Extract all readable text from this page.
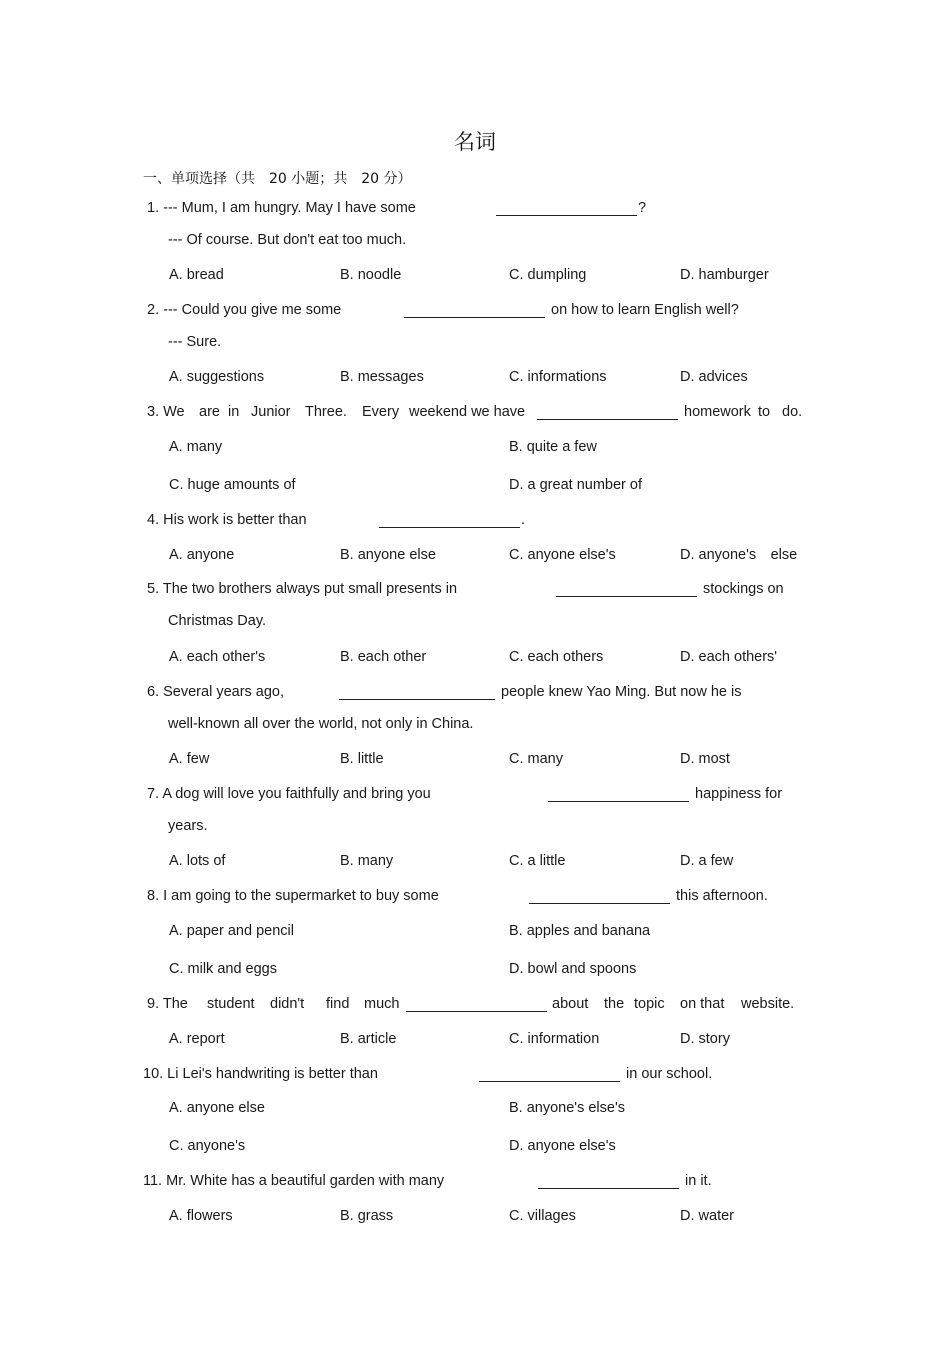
名词
一、单项选择（共　20 小题；共　20 分）
1. --- Mum, I am hungry. May I have some	?
--- Of course. But don't eat too much.
A. bread	B. noodle	C. dumpling	D. hamburger
2. --- Could you give me some	on how to learn English well?
--- Sure.
A. suggestions	B. messages	C. informations	D. advices
3. We are in Junior Three. Every weekend we have	homework to do.
A. many	B. quite a few
C. huge amounts of	D. a great number of
4. His work is better than	.
A. anyone	B. anyone else	C. anyone else's	D. anyone's　else
5. The two brothers always put small presents in	stockings on
Christmas Day.
A. each other's	B. each other	C. each others	D. each others'
6. Several years ago,	people knew Yao Ming. But now he is
well-known all over the world, not only in China.
A. few	B. little	C. many	D. most
7. A dog will love you faithfully and bring you	happiness for
years.
A. lots of	B. many	C. a little	D. a few
8. I am going to the supermarket to buy some	this afternoon.
A. paper and pencil	B. apples and banana
C. milk and eggs	D. bowl and spoons
9. The student didn't find much	about the topic on that website.
A. report	B. article	C. information	D. story
10. Li Lei's handwriting is better than	in our school.
A. anyone else	B. anyone's else's
C. anyone's	D. anyone else's
11. Mr. White has a beautiful garden with many	in it.
A. flowers	B. grass	C. villages	D. water
